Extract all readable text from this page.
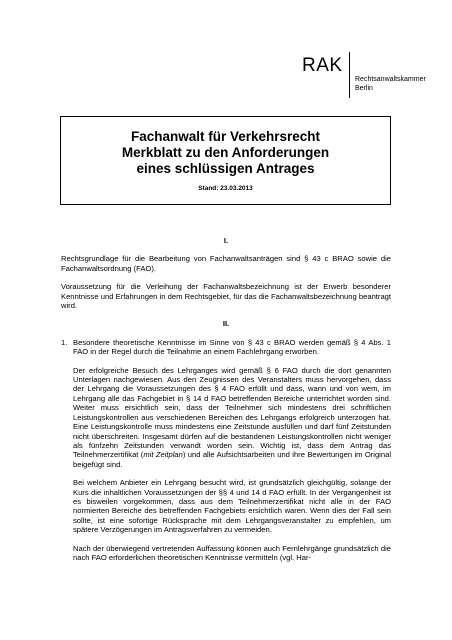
RAK
Rechtsanwaltskammer
Berlin
Fachanwalt für Verkehrsrecht
Merkblatt zu den Anforderungen
eines schlüssigen Antrages
Stand: 23.03.2013
I.
Rechtsgrundlage für die Bearbeitung von Fachanwaltsanträgen sind § 43 c BRAO sowie die Fachanwaltsordnung (FAO).
Voraussetzung für die Verleihung der Fachanwaltsbezeichnung ist der Erwerb besonderer Kenntnisse und Erfahrungen in dem Rechtsgebiet, für das die Fachanwaltsbezeichnung beantragt wird.
II.
1. Besondere theoretische Kenntnisse im Sinne von § 43 c BRAO werden gemäß § 4 Abs. 1 FAO in der Regel durch die Teilnahme an einem Fachlehrgang erworben.
Der erfolgreiche Besuch des Lehrganges wird gemäß § 6 FAO durch die dort genannten Unterlagen nachgewiesen. Aus den Zeugnissen des Veranstalters muss hervorgehen, dass der Lehrgang die Voraussetzungen des § 4 FAO erfüllt und dass, wann und von wem, im Lehrgang alle das Fachgebiet in § 14 d FAO betreffenden Bereiche unterrichtet worden sind. Weiter muss ersichtlich sein, dass der Teilnehmer sich mindestens drei schriftlichen Leistungskontrollen aus verschiedenen Bereichen des Lehrgangs erfolgreich unterzogen hat. Eine Leistungskontrolle muss mindestens eine Zeitstunde ausfüllen und darf fünf Zeitstunden nicht überschreiten. Insgesamt dürfen auf die bestandenen Leistungskontrollen nicht weniger als fünfzehn Zeitstunden verwandt worden sein. Wichtig ist, dass dem Antrag das Teilnehmerzertifikat (mit Zeitplan) und alle Aufsichtsarbeiten und ihre Bewertungen im Original beigefügt sind.
Bei welchem Anbieter ein Lehrgang besucht wird, ist grundsätzlich gleichgültig, solange der Kurs die inhaltlichen Voraussetzungen der §§ 4 und 14 d FAO erfüllt. In der Vergangenheit ist es bisweilen vorgekommen, dass aus dem Teilnehmerzertifikat nicht alle in der FAO normierten Bereiche des betreffenden Fachgebiets ersichtlich waren. Wenn dies der Fall sein sollte, ist eine sofortige Rücksprache mit dem Lehrgangsveranstalter zu empfehlen, um spätere Verzögerungen im Antragsverfahren zu vermeiden.
Nach der überwiegend vertretenden Auffassung können auch Fernlehrgänge grundsätzlich die nach FAO erforderlichen theoretischen Kenntnisse vermitteln (vgl. Har-
